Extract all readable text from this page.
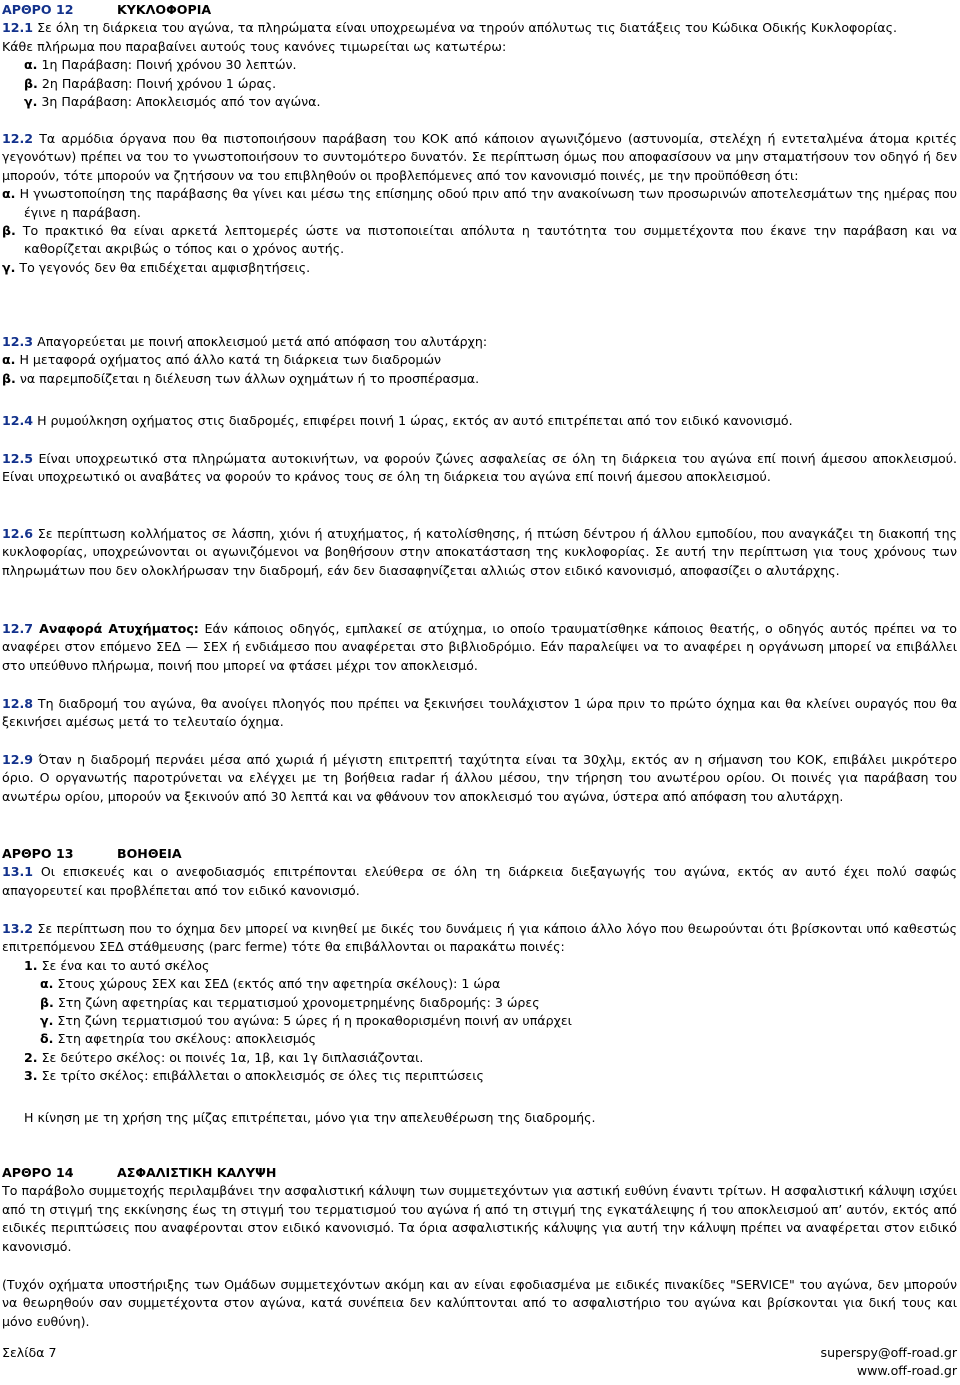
ΑΡΘΡΟ 12	ΚΥΚΛΟΦΟΡΙΑ

12.1 Σε όλη τη διάρκεια του αγώνα, τα πληρώματα είναι υποχρεωμένα να τηρούν απόλυτως τις διατάξεις του Κώδικα Οδικής Κυκλοφορίας.

Κάθε πλήρωμα που παραβαίνει αυτούς τους κανόνες τιμωρείται ως κατωτέρω:

α. 1η Παράβαση: Ποινή χρόνου 30 λεπτών.

β. 2η Παράβαση: Ποινή χρόνου 1 ώρας.

γ. 3η Παράβαση: Αποκλεισμός από τον αγώνα.

12.2 Τα αρμόδια όργανα που θα πιστοποιήσουν παράβαση του ΚΟΚ από κάποιον αγωνιζόμενο (αστυνομία, στελέχη ή εντεταλμένα άτομα κριτές γεγονότων) πρέπει να του το γνωστοποιήσουν το συντομότερο δυνατόν. Σε περίπτωση όμως που αποφασίσουν να μην σταματήσουν τον οδηγό ή δεν μπορούν, τότε μπορούν να ζητήσουν να του επιβληθούν οι προβλεπόμενες από τον κανονισμό ποινές, με την προϋπόθεση ότι:

α. Η γνωστοποίηση της παράβασης θα γίνει και μέσω της επίσημης οδού πριν από την ανακοίνωση των προσωρινών αποτελεσμάτων της ημέρας που έγινε η παράβαση.

β. Το πρακτικό θα είναι αρκετά λεπτομερές ώστε να πιστοποιείται απόλυτα η ταυτότητα του συμμετέχοντα που έκανε την παράβαση και να καθορίζεται ακριβώς ο τόπος και ο χρόνος αυτής.

γ. Το γεγονός δεν θα επιδέχεται αμφισβητήσεις.

12.3 Απαγορεύεται με ποινή αποκλεισμού μετά από απόφαση του αλυτάρχη:

α. Η μεταφορά οχήματος από άλλο κατά τη διάρκεια των διαδρομών

β. να παρεμποδίζεται η διέλευση των άλλων οχημάτων ή το προσπέρασμα.

12.4 Η ρυμούλκηση οχήματος στις διαδρομές, επιφέρει ποινή 1 ώρας, εκτός αν αυτό επιτρέπεται από τον ειδικό κανονισμό.

12.5 Είναι υποχρεωτικό στα πληρώματα αυτοκινήτων, να φορούν ζώνες ασφαλείας σε όλη τη διάρκεια του αγώνα επί ποινή άμεσου αποκλεισμού. Είναι υποχρεωτικό οι αναβάτες να φορούν το κράνος τους σε όλη τη διάρκεια του αγώνα επί ποινή άμεσου αποκλεισμού.

12.6 Σε περίπτωση κολλήματος σε λάσπη, χιόνι ή ατυχήματος, ή κατολίσθησης, ή πτώση δέντρου ή άλλου εμποδίου, που αναγκάζει τη διακοπή της κυκλοφορίας, υποχρεώνονται οι αγωνιζόμενοι να βοηθήσουν στην αποκατάσταση της κυκλοφορίας. Σε αυτή την περίπτωση για τους χρόνους των πληρωμάτων που δεν ολοκλήρωσαν την διαδρομή, εάν δεν διασαφηνίζεται αλλιώς στον ειδικό κανονισμό, αποφασίζει ο αλυτάρχης.

12.7 Αναφορά Ατυχήματος: Εάν κάποιος οδηγός, εμπλακεί σε ατύχημα, ιο οποίο τραυματίσθηκε κάποιος θεατής, ο οδηγός αυτός πρέπει να το αναφέρει στον επόμενο ΣΕΔ — ΣΕΧ ή ενδιάμεσο που αναφέρεται στο βιβλιοδρόμιο. Εάν παραλείψει να το αναφέρει η οργάνωση μπορεί να επιβάλλει στο υπεύθυνο πλήρωμα, ποινή που μπορεί να φτάσει μέχρι τον αποκλεισμό.

12.8 Τη διαδρομή του αγώνα, θα ανοίγει πλοηγός που πρέπει να ξεκινήσει τουλάχιστον 1 ώρα πριν το πρώτο όχημα και θα κλείνει ουραγός που θα ξεκινήσει αμέσως μετά το τελευταίο όχημα.

12.9 Όταν η διαδρομή περνάει μέσα από χωριά ή μέγιστη επιτρεπτή ταχύτητα είναι τα 30χλμ, εκτός αν η σήμανση του ΚΟΚ, επιβάλει μικρότερο όριο. Ο οργανωτής παροτρύνεται να ελέγχει με τη βοήθεια radar ή άλλου μέσου, την τήρηση του ανωτέρου ορίου. Οι ποινές για παράβαση του ανωτέρω ορίου, μπορούν να ξεκινούν από 30 λεπτά και να φθάνουν τον αποκλεισμό του αγώνα, ύστερα από απόφαση του αλυτάρχη.

ΑΡΘΡΟ 13	ΒΟΗΘΕΙΑ

13.1 Οι επισκευές και ο ανεφοδιασμός επιτρέπονται ελεύθερα σε όλη τη διάρκεια διεξαγωγής του αγώνα, εκτός αν αυτό έχει πολύ σαφώς απαγορευτεί και προβλέπεται από τον ειδικό κανονισμό.

13.2 Σε περίπτωση που το όχημα δεν μπορεί να κινηθεί με δικές του δυνάμεις ή για κάποιο άλλο λόγο που θεωρούνται ότι βρίσκονται υπό καθεστώς επιτρεπόμενου ΣΕΔ στάθμευσης (parc ferme) τότε θα επιβάλλονται οι παρακάτω ποινές:

1. Σε ένα και το αυτό σκέλος

α. Στους χώρους ΣΕΧ και ΣΕΔ (εκτός από την αφετηρία σκέλους): 1 ώρα

β. Στη ζώνη αφετηρίας και τερματισμού χρονομετρημένης διαδρομής: 3 ώρες

γ. Στη ζώνη τερματισμού του αγώνα: 5 ώρες ή η προκαθορισμένη ποινή αν υπάρχει

δ. Στη αφετηρία του σκέλους: αποκλεισμός

2. Σε δεύτερο σκέλος: οι ποινές 1α, 1β, και 1γ διπλασιάζονται.

3. Σε τρίτο σκέλος: επιβάλλεται ο αποκλεισμός σε όλες τις περιπτώσεις

Η κίνηση με τη χρήση της μίζας επιτρέπεται, μόνο για την απελευθέρωση της διαδρομής.

ΑΡΘΡΟ 14	ΑΣΦΑΛΙΣΤΙΚΗ ΚΑΛΥΨΗ

Το παράβολο συμμετοχής περιλαμβάνει την ασφαλιστική κάλυψη των συμμετεχόντων για αστική ευθύνη έναντι τρίτων. Η ασφαλιστική κάλυψη ισχύει από τη στιγμή της εκκίνησης έως τη στιγμή του τερματισμού του αγώνα ή από τη στιγμή της εγκατάλειψης ή του αποκλεισμού απ’ αυτόν, εκτός από ειδικές περιπτώσεις που αναφέρονται στον ειδικό κανονισμό. Τα όρια ασφαλιστικής κάλυψης για αυτή την κάλυψη πρέπει να αναφέρεται στον ειδικό κανονισμό.

(Τυχόν οχήματα υποστήριξης των Ομάδων συμμετεχόντων ακόμη και αν είναι εφοδιασμένα με ειδικές πινακίδες "SERVICE" του αγώνα, δεν μπορούν να θεωρηθούν σαν συμμετέχοντα στον αγώνα, κατά συνέπεια δεν καλύπτονται από το ασφαλιστήριο του αγώνα και βρίσκονται για δική τους και μόνο ευθύνη).

Σελίδα 7	superspy@off-road.gr
www.off-road.gr
